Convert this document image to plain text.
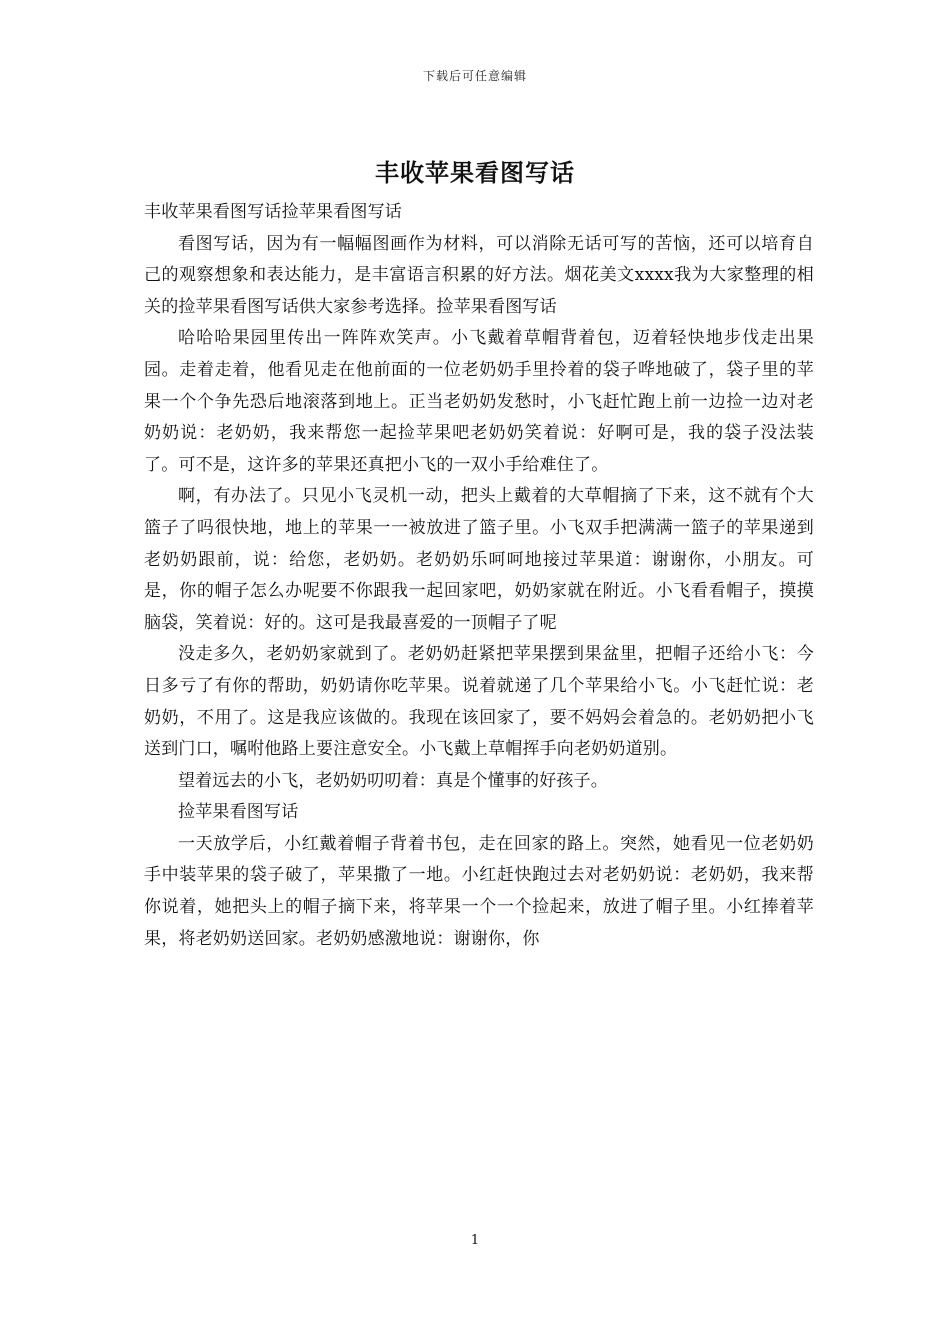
下载后可任意编辑
丰收苹果看图写话

丰收苹果看图写话捡苹果看图写话

看图写话，因为有一幅幅图画作为材料，可以消除无话可写的苦恼，还可以培育自己的观察想象和表达能力，是丰富语言积累的好方法。烟花美文xxxx我为大家整理的相关的捡苹果看图写话供大家参考选择。捡苹果看图写话

哈哈哈果园里传出一阵阵欢笑声。小飞戴着草帽背着包，迈着轻快地步伐走出果园。走着走着，他看见走在他前面的一位老奶奶手里拎着的袋子哗地破了，袋子里的苹果一个个争先恐后地滚落到地上。正当老奶奶发愁时，小飞赶忙跑上前一边捡一边对老奶奶说：老奶奶，我来帮您一起捡苹果吧老奶奶笑着说：好啊可是，我的袋子没法装了。可不是，这许多的苹果还真把小飞的一双小手给难住了。

啊，有办法了。只见小飞灵机一动，把头上戴着的大草帽摘了下来，这不就有个大篮子了吗很快地，地上的苹果一一被放进了篮子里。小飞双手把满满一篮子的苹果递到老奶奶跟前，说：给您，老奶奶。老奶奶乐呵呵地接过苹果道：谢谢你，小朋友。可是，你的帽子怎么办呢要不你跟我一起回家吧，奶奶家就在附近。小飞看看帽子，摸摸脑袋，笑着说：好的。这可是我最喜爱的一顶帽子了呢

没走多久，老奶奶家就到了。老奶奶赶紧把苹果摆到果盆里，把帽子还给小飞：今日多亏了有你的帮助，奶奶请你吃苹果。说着就递了几个苹果给小飞。小飞赶忙说：老奶奶，不用了。这是我应该做的。我现在该回家了，要不妈妈会着急的。老奶奶把小飞送到门口，嘱咐他路上要注意安全。小飞戴上草帽挥手向老奶奶道别。

望着远去的小飞，老奶奶叨叨着：真是个懂事的好孩子。

捡苹果看图写话

一天放学后，小红戴着帽子背着书包，走在回家的路上。突然，她看见一位老奶奶手中装苹果的袋子破了，苹果撒了一地。小红赶快跑过去对老奶奶说：老奶奶，我来帮你说着，她把头上的帽子摘下来，将苹果一个一个捡起来，放进了帽子里。小红捧着苹果，将老奶奶送回家。老奶奶感激地说：谢谢你，你

1
